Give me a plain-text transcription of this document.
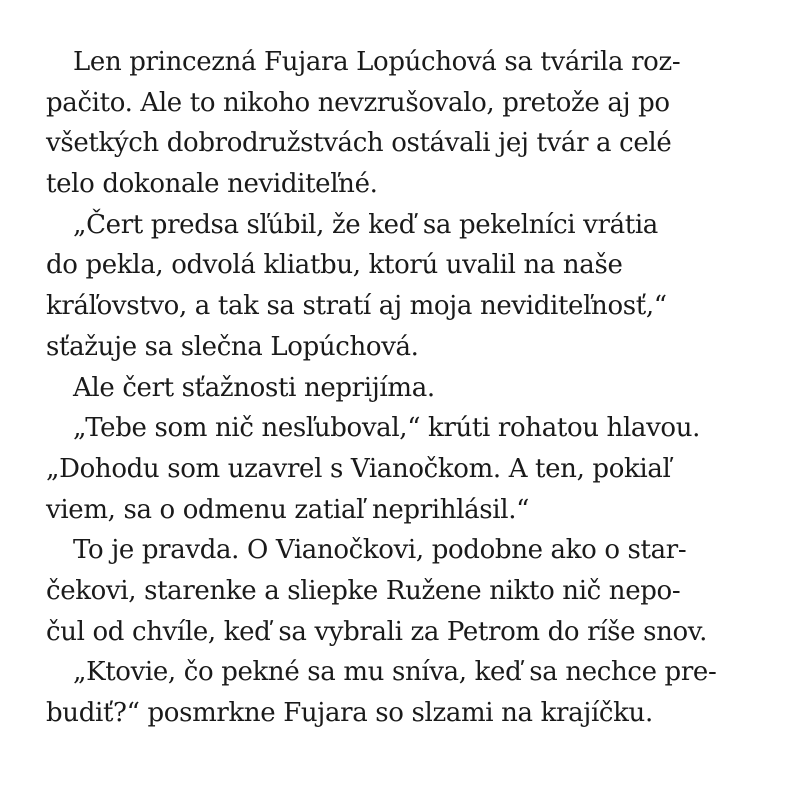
Len princezná Fujara Lopúchová sa tvárila roz-
pačito. Ale to nikoho nevzrušovalo, pretože aj po
všetkých dobrodružstvách ostávali jej tvár a celé
telo dokonale neviditeľné.
„Čert predsa sľúbil, že keď sa pekelníci vrátia
do pekla, odvolá kliatbu, ktorú uvalil na naše
kráľovstvo, a tak sa stratí aj moja neviditeľnosť,“
sťažuje sa slečna Lopúchová.
Ale čert sťažnosti neprijíma.
„Tebe som nič nesľuboval,“ krúti rohatou hlavou.
„Dohodu som uzavrel s Vianočkom. A ten, pokiaľ
viem, sa o odmenu zatiaľ neprihlásil.“
To je pravda. O Vianočkovi, podobne ako o star-
čekovi, starenke a sliepke Ružene nikto nič nepo-
čul od chvíle, keď sa vybrali za Petrom do ríše snov.
„Ktovie, čo pekné sa mu sníva, keď sa nechce pre-
budiť?“ posmrkne Fujara so slzami na krajíčku.
